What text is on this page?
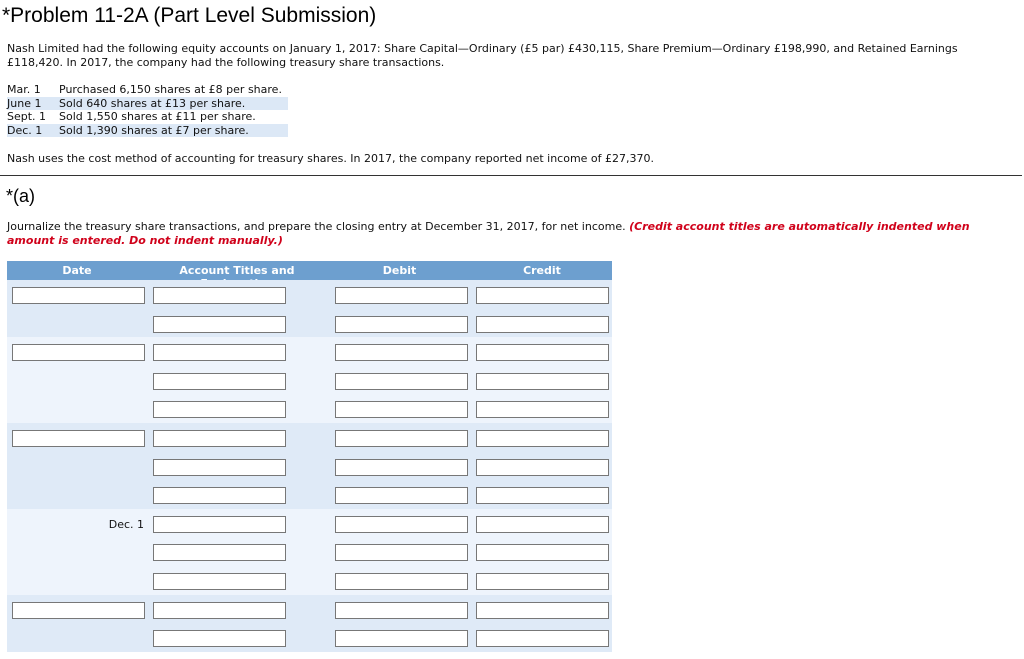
*Problem 11-2A (Part Level Submission)
Nash Limited had the following equity accounts on January 1, 2017: Share Capital—Ordinary (£5 par) £430,115, Share Premium—Ordinary £198,990, and Retained Earnings £118,420. In 2017, the company had the following treasury share transactions.
Mar. 1	Purchased 6,150 shares at £8 per share.
June 1	Sold 640 shares at £13 per share.
Sept. 1	Sold 1,550 shares at £11 per share.
Dec. 1	Sold 1,390 shares at £7 per share.
Nash uses the cost method of accounting for treasury shares. In 2017, the company reported net income of £27,370.
*(a)
Journalize the treasury share transactions, and prepare the closing entry at December 31, 2017, for net income. (Credit account titles are automatically indented when amount is entered. Do not indent manually.)
Date	Account Titles and	Debit	Credit
Dec. 1
